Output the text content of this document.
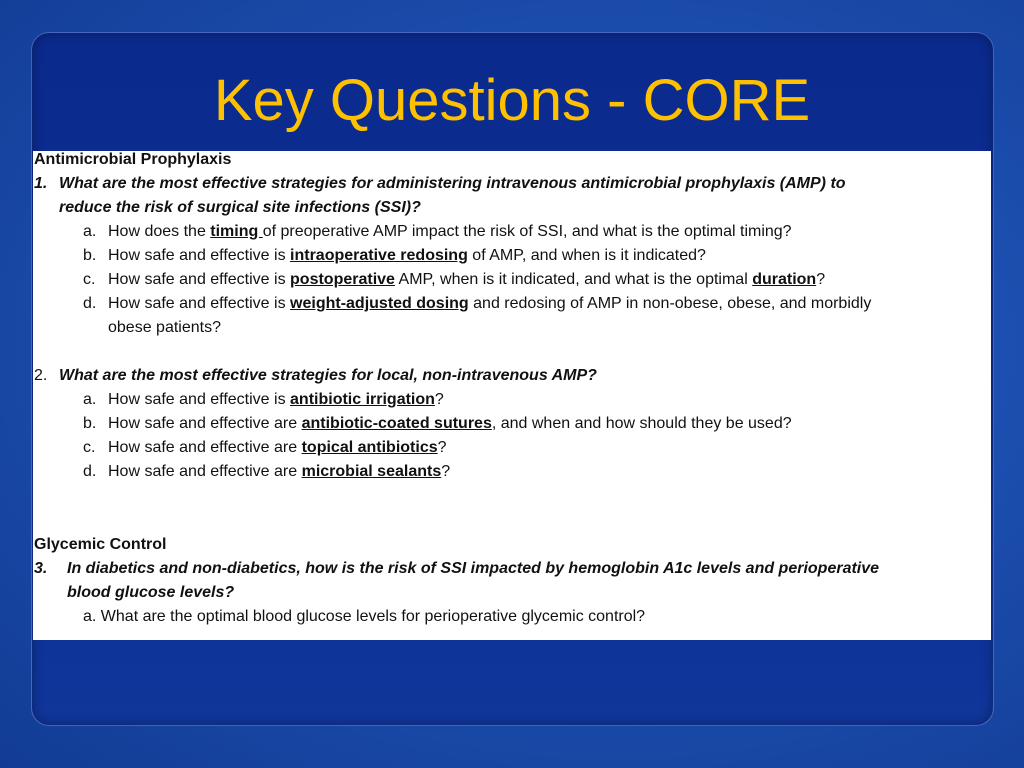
Key Questions - CORE
Antimicrobial Prophylaxis
1. What are the most effective strategies for administering intravenous antimicrobial prophylaxis (AMP) to
reduce the risk of surgical site infections (SSI)?
a. How does the timing of preoperative AMP impact the risk of SSI, and what is the optimal timing?
b. How safe and effective is intraoperative redosing of AMP, and when is it indicated?
c. How safe and effective is postoperative AMP, when is it indicated, and what is the optimal duration?
d. How safe and effective is weight-adjusted dosing and redosing of AMP in non-obese, obese, and morbidly
obese patients?
2. What are the most effective strategies for local, non-intravenous AMP?
a. How safe and effective is antibiotic irrigation?
b. How safe and effective are antibiotic-coated sutures, and when and how should they be used?
c. How safe and effective are topical antibiotics?
d. How safe and effective are microbial sealants?
Glycemic Control
3. In diabetics and non-diabetics, how is the risk of SSI impacted by hemoglobin A1c levels and perioperative
blood glucose levels?
a. What are the optimal blood glucose levels for perioperative glycemic control?
